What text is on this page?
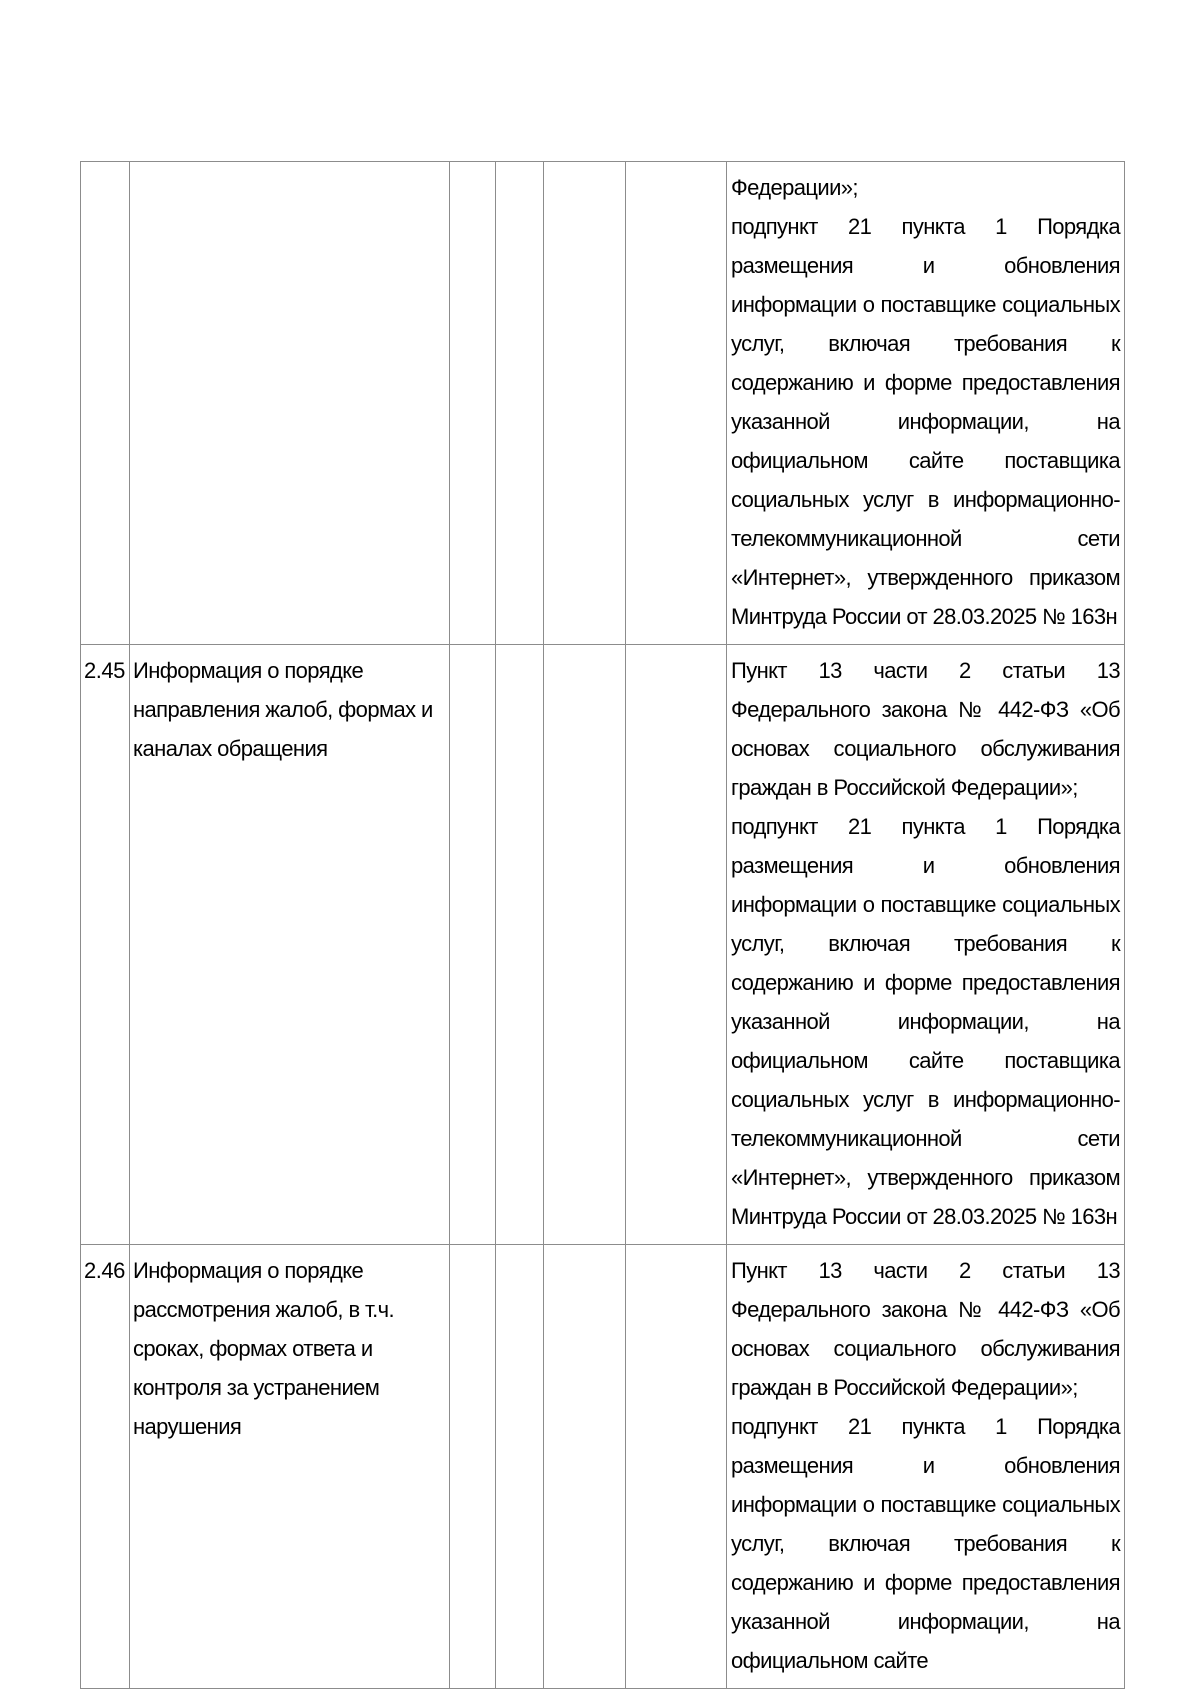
						Федерации»;
подпункт 21 пункта 1 Порядка размещения и обновления информации о поставщике социальных услуг, включая требования к содержанию и форме предоставления указанной информации, на официальном сайте поставщика социальных услуг в информационно-телекоммуникационной сети «Интернет», утвержденного приказом Минтруда России от 28.03.2025 № 163н

2.45	Информация о порядке направления жалоб, формах и каналах обращения					Пункт 13 части 2 статьи 13 Федерального закона № 442-ФЗ «Об основах социального обслуживания граждан в Российской Федерации»;
подпункт 21 пункта 1 Порядка размещения и обновления информации о поставщике социальных услуг, включая требования к содержанию и форме предоставления указанной информации, на официальном сайте поставщика социальных услуг в информационно-телекоммуникационной сети «Интернет», утвержденного приказом Минтруда России от 28.03.2025 № 163н

2.46	Информация о порядке рассмотрения жалоб, в т.ч. сроках, формах ответа и контроля за устранением нарушения					Пункт 13 части 2 статьи 13 Федерального закона № 442-ФЗ «Об основах социального обслуживания граждан в Российской Федерации»;
подпункт 21 пункта 1 Порядка размещения и обновления информации о поставщике социальных услуг, включая требования к содержанию и форме предоставления указанной информации, на официальном сайте
